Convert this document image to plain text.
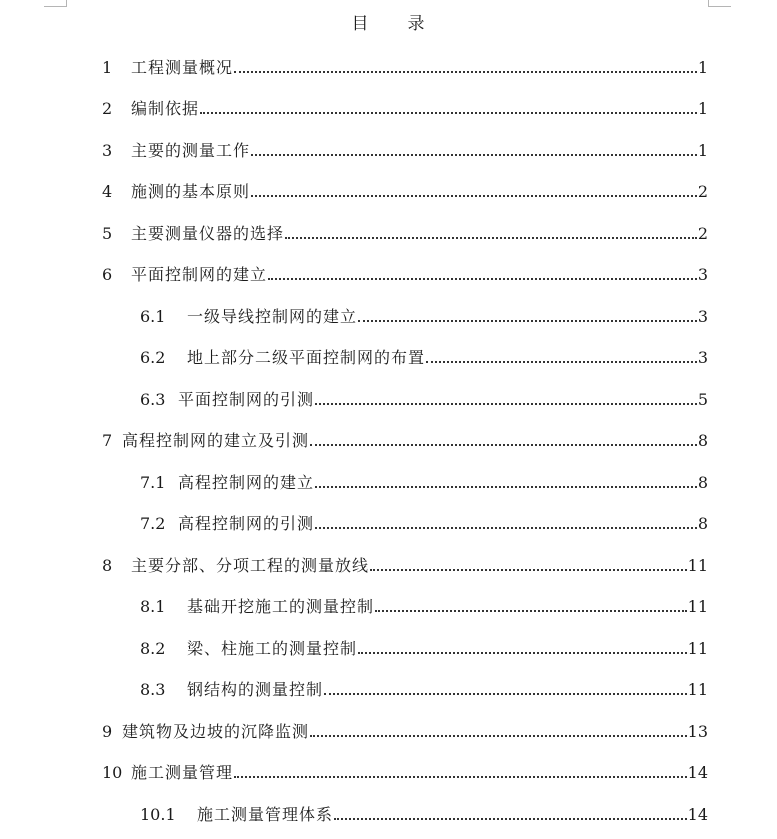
目 录
1 工程测量概况	1
2 编制依据	1
3 主要的测量工作	1
4 施测的基本原则	2
5 主要测量仪器的选择	2
6 平面控制网的建立	3
6.1 一级导线控制网的建立	3
6.2 地上部分二级平面控制网的布置	3
6.3 平面控制网的引测	5
7 高程控制网的建立及引测	8
7.1 高程控制网的建立	8
7.2 高程控制网的引测	8
8 主要分部、分项工程的测量放线	11
8.1 基础开挖施工的测量控制	11
8.2 梁、柱施工的测量控制	11
8.3 钢结构的测量控制	11
9 建筑物及边坡的沉降监测	13
10 施工测量管理	14
10.1 施工测量管理体系	14
